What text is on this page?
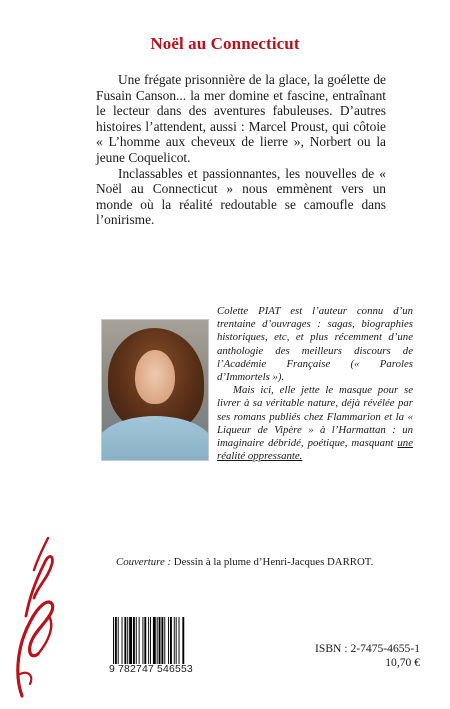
Noël au Connecticut

Une frégate prisonnière de la glace, la goélette de Fusain Canson... la mer domine et fascine, entraînant le lecteur dans des aventures fabuleuses. D’autres histoires l’attendent, aussi : Marcel Proust, qui côtoie « L’homme aux cheveux de lierre », Norbert ou la jeune Coquelicot.

Inclassables et passionnantes, les nouvelles de « Noël au Connecticut » nous emmènent vers un monde où la réalité redoutable se camoufle dans l’onirisme.

Colette PIAT est l’auteur connu d’un trentaine d’ouvrages : sagas, biographies historiques, etc, et plus récemment d’une anthologie des meilleurs discours de l’Académie Française (« Paroles d’Immortels »).

Mais ici, elle jette le masque pour se livrer à sa véritable nature, déjà révélée par ses romans publiés chez Flammarion et la « Liqueur de Vipère » à l’Harmattan : un imaginaire débridé, poétique, masquant une réalité oppressante.

Couverture : Dessin à la plume d’Henri-Jacques DARROT.
9 782747 546553
ISBN : 2-7475-4655-1
10,70 €
